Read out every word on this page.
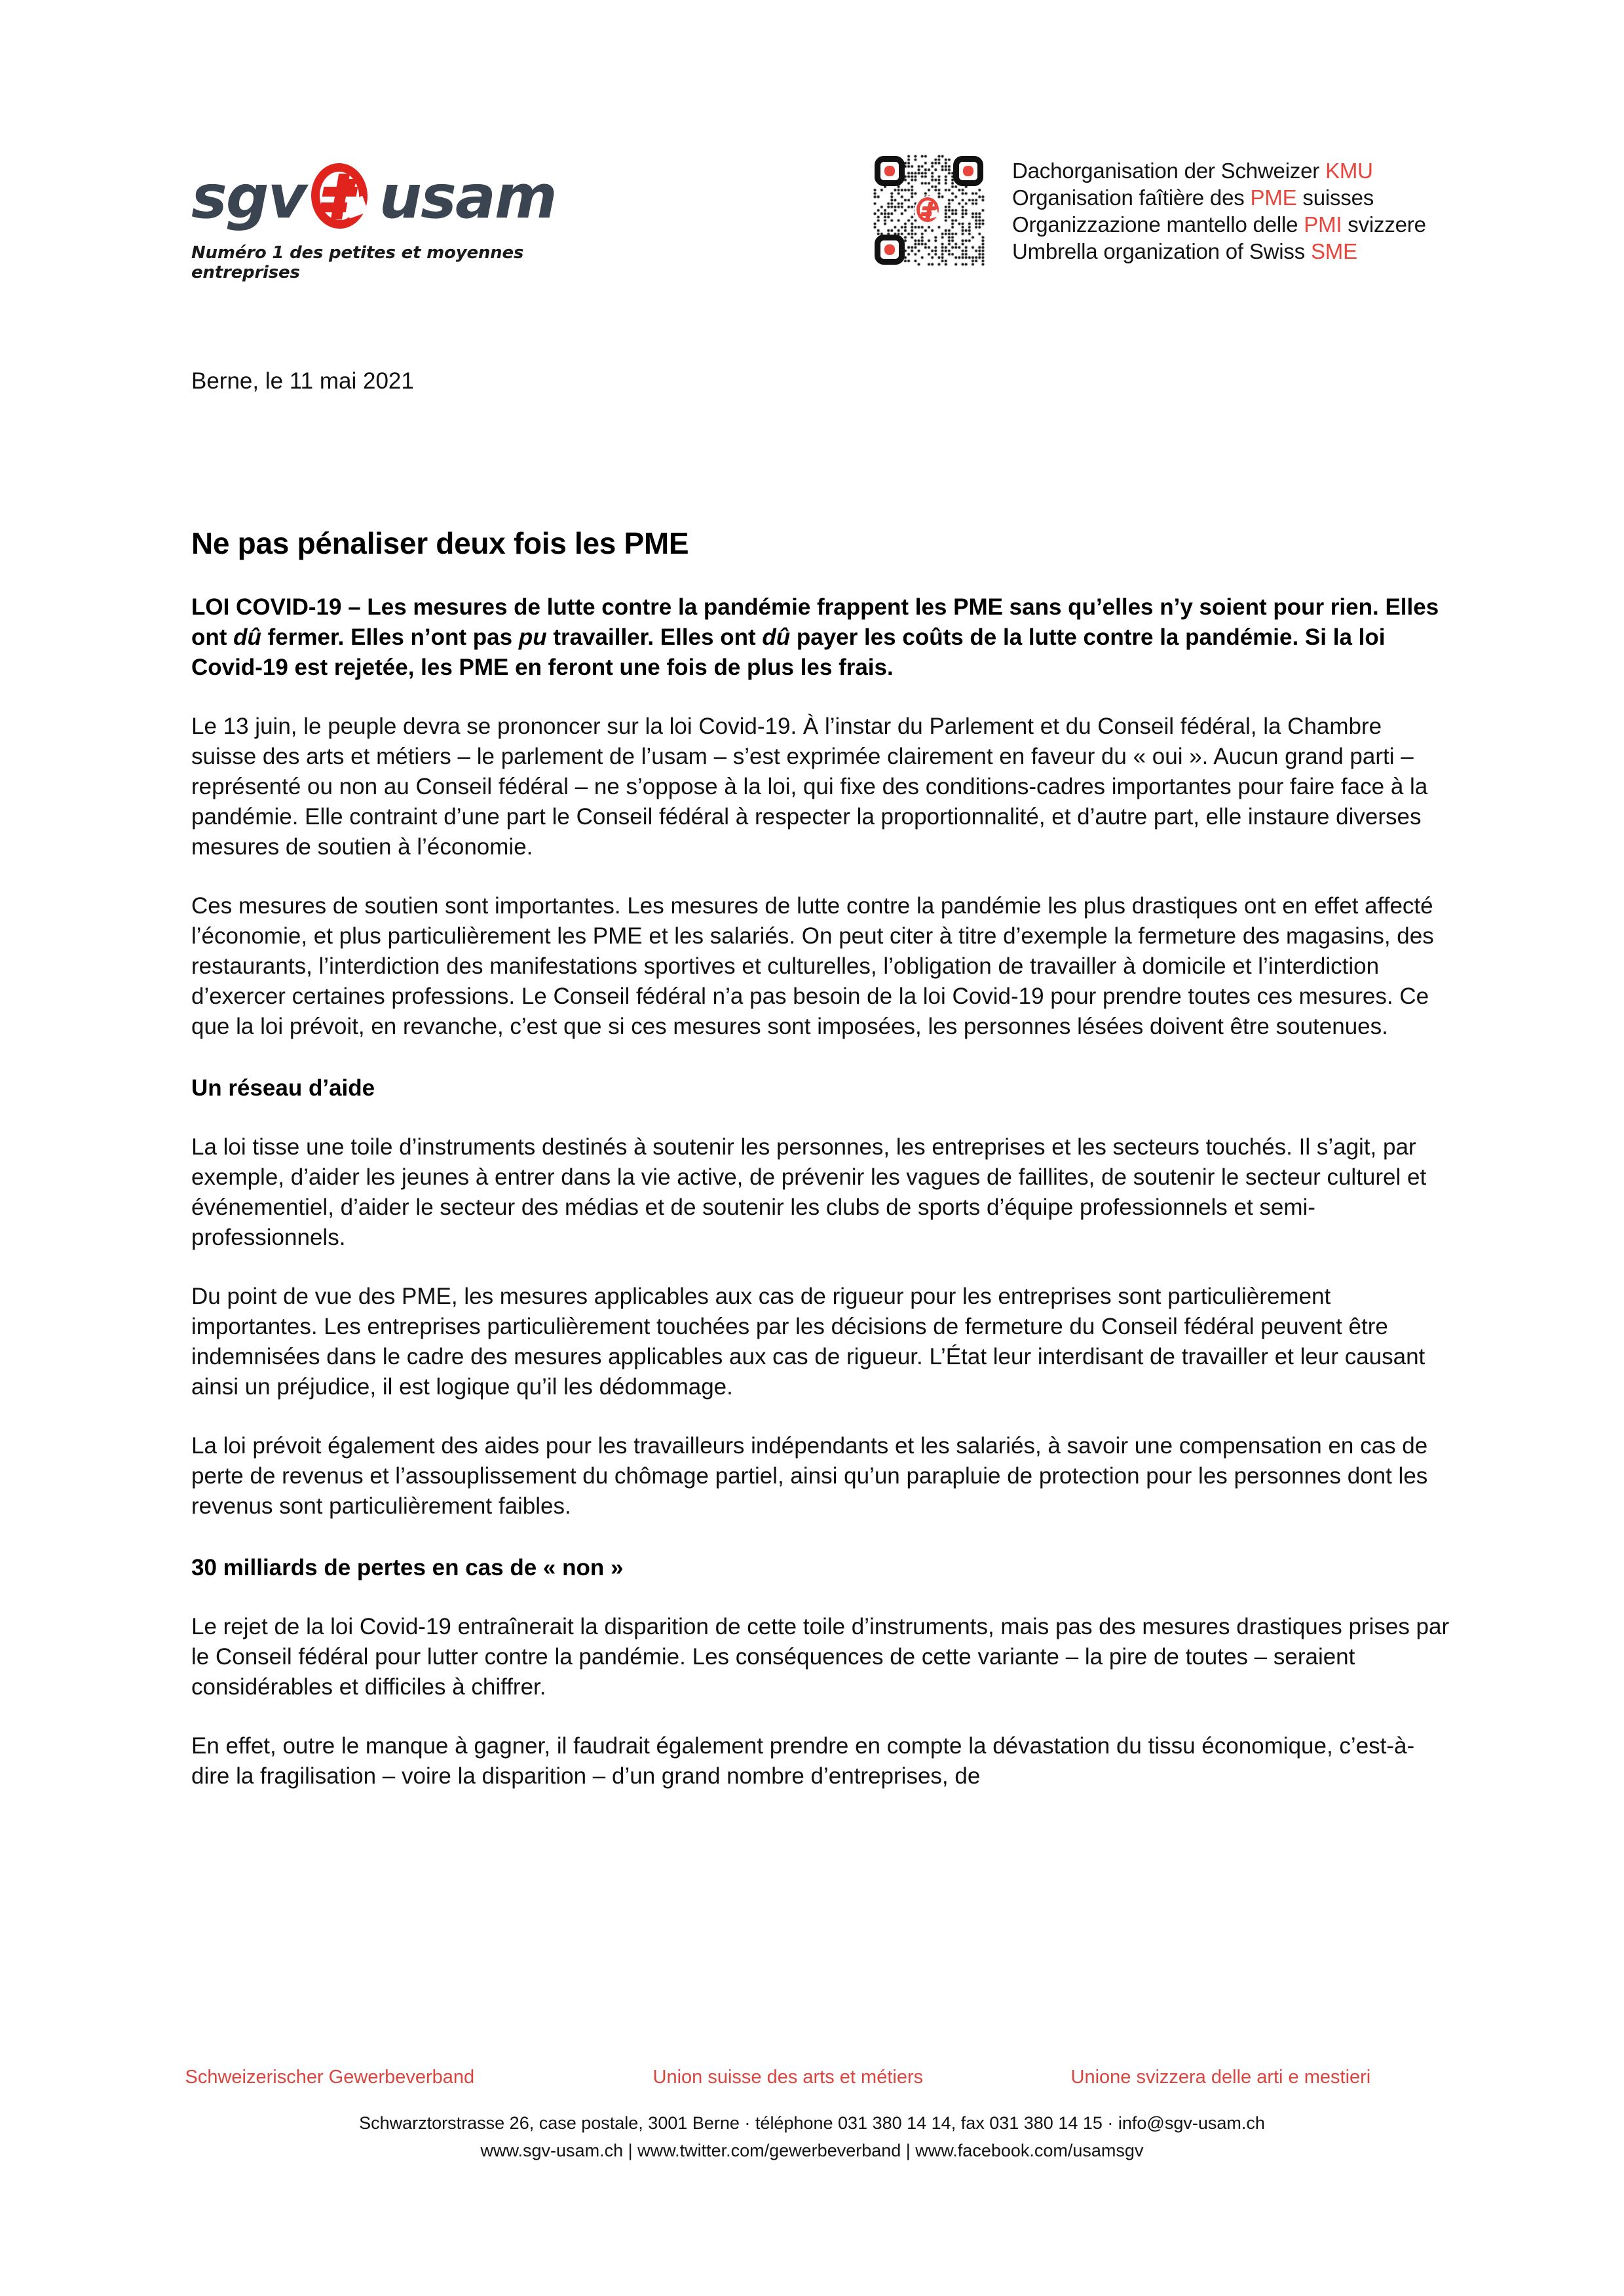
sgv usam
Numéro 1 des petites et moyennes entreprises
Dachorganisation der Schweizer KMU
Organisation faîtière des PME suisses
Organizzazione mantello delle PMI svizzere
Umbrella organization of Swiss SME
Berne, le 11 mai 2021
Ne pas pénaliser deux fois les PME

LOI COVID-19 – Les mesures de lutte contre la pandémie frappent les PME sans qu’elles n’y soient pour rien. Elles ont dû fermer. Elles n’ont pas pu travailler. Elles ont dû payer les coûts de la lutte contre la pandémie. Si la loi Covid-19 est rejetée, les PME en feront une fois de plus les frais.

Le 13 juin, le peuple devra se prononcer sur la loi Covid-19. À l’instar du Parlement et du Conseil fédéral, la Chambre suisse des arts et métiers – le parlement de l’usam – s’est exprimée clairement en faveur du « oui ». Aucun grand parti – représenté ou non au Conseil fédéral – ne s’oppose à la loi, qui fixe des conditions-cadres importantes pour faire face à la pandémie. Elle contraint d’une part le Conseil fédéral à respecter la proportionnalité, et d’autre part, elle instaure diverses mesures de soutien à l’économie.

Ces mesures de soutien sont importantes. Les mesures de lutte contre la pandémie les plus drastiques ont en effet affecté l’économie, et plus particulièrement les PME et les salariés. On peut citer à titre d’exemple la fermeture des magasins, des restaurants, l’interdiction des manifestations sportives et culturelles, l’obligation de travailler à domicile et l’interdiction d’exercer certaines professions. Le Conseil fédéral n’a pas besoin de la loi Covid-19 pour prendre toutes ces mesures. Ce que la loi prévoit, en revanche, c’est que si ces mesures sont imposées, les personnes lésées doivent être soutenues.

Un réseau d’aide

La loi tisse une toile d’instruments destinés à soutenir les personnes, les entreprises et les secteurs touchés. Il s’agit, par exemple, d’aider les jeunes à entrer dans la vie active, de prévenir les vagues de faillites, de soutenir le secteur culturel et événementiel, d’aider le secteur des médias et de soutenir les clubs de sports d’équipe professionnels et semi-professionnels.

Du point de vue des PME, les mesures applicables aux cas de rigueur pour les entreprises sont particulièrement importantes. Les entreprises particulièrement touchées par les décisions de fermeture du Conseil fédéral peuvent être indemnisées dans le cadre des mesures applicables aux cas de rigueur. L’État leur interdisant de travailler et leur causant ainsi un préjudice, il est logique qu’il les dédommage.

La loi prévoit également des aides pour les travailleurs indépendants et les salariés, à savoir une compensation en cas de perte de revenus et l’assouplissement du chômage partiel, ainsi qu’un parapluie de protection pour les personnes dont les revenus sont particulièrement faibles.

30 milliards de pertes en cas de « non »

Le rejet de la loi Covid-19 entraînerait la disparition de cette toile d’instruments, mais pas des mesures drastiques prises par le Conseil fédéral pour lutter contre la pandémie. Les conséquences de cette variante – la pire de toutes – seraient considérables et difficiles à chiffrer.

En effet, outre le manque à gagner, il faudrait également prendre en compte la dévastation du tissu économique, c’est-à-dire la fragilisation – voire la disparition – d’un grand nombre d’entreprises, de

Schweizerischer Gewerbeverband	Union suisse des arts et métiers	Unione svizzera delle arti e mestieri
Schwarztorstrasse 26, case postale, 3001 Berne · téléphone 031 380 14 14, fax 031 380 14 15 · info@sgv-usam.ch
www.sgv-usam.ch | www.twitter.com/gewerbeverband | www.facebook.com/usamsgv
